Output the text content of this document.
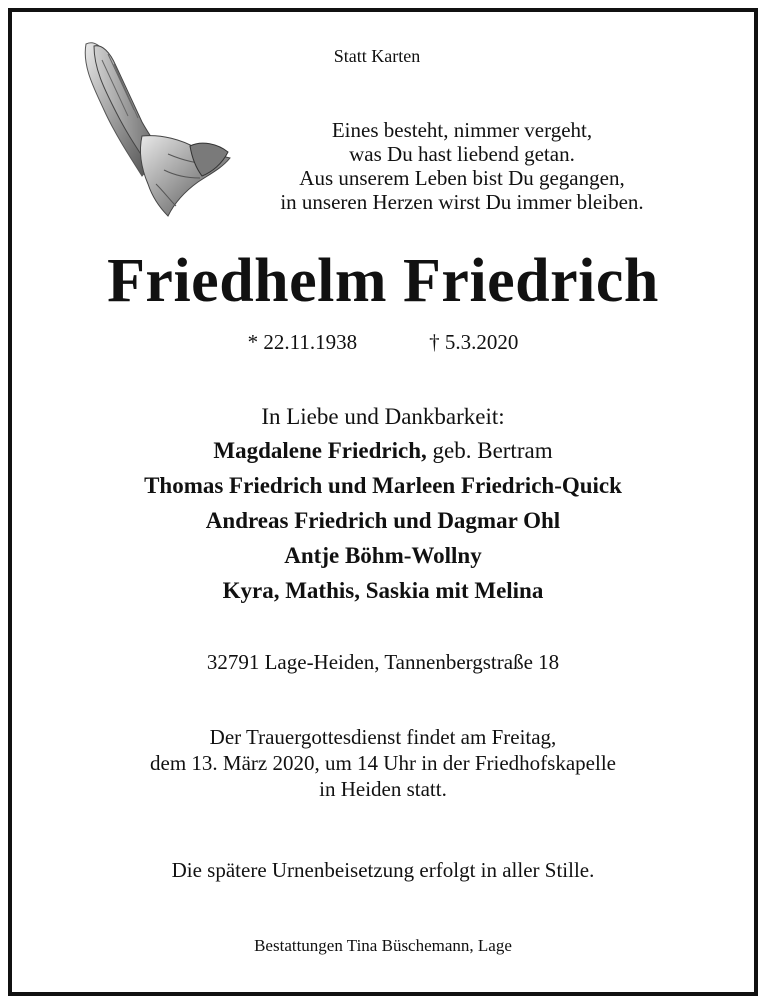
Statt Karten
Eines besteht, nimmer vergeht,
was Du hast liebend getan.
Aus unserem Leben bist Du gegangen,
in unseren Herzen wirst Du immer bleiben.
Friedhelm Friedrich
* 22.11.1938	† 5.3.2020
In Liebe und Dankbarkeit:
Magdalene Friedrich, geb. Bertram
Thomas Friedrich und Marleen Friedrich-Quick
Andreas Friedrich und Dagmar Ohl
Antje Böhm-Wollny
Kyra, Mathis, Saskia mit Melina
32791 Lage-Heiden, Tannenbergstraße 18
Der Trauergottesdienst findet am Freitag,
dem 13. März 2020, um 14 Uhr in der Friedhofskapelle
in Heiden statt.
Die spätere Urnenbeisetzung erfolgt in aller Stille.
Bestattungen Tina Büschemann, Lage
